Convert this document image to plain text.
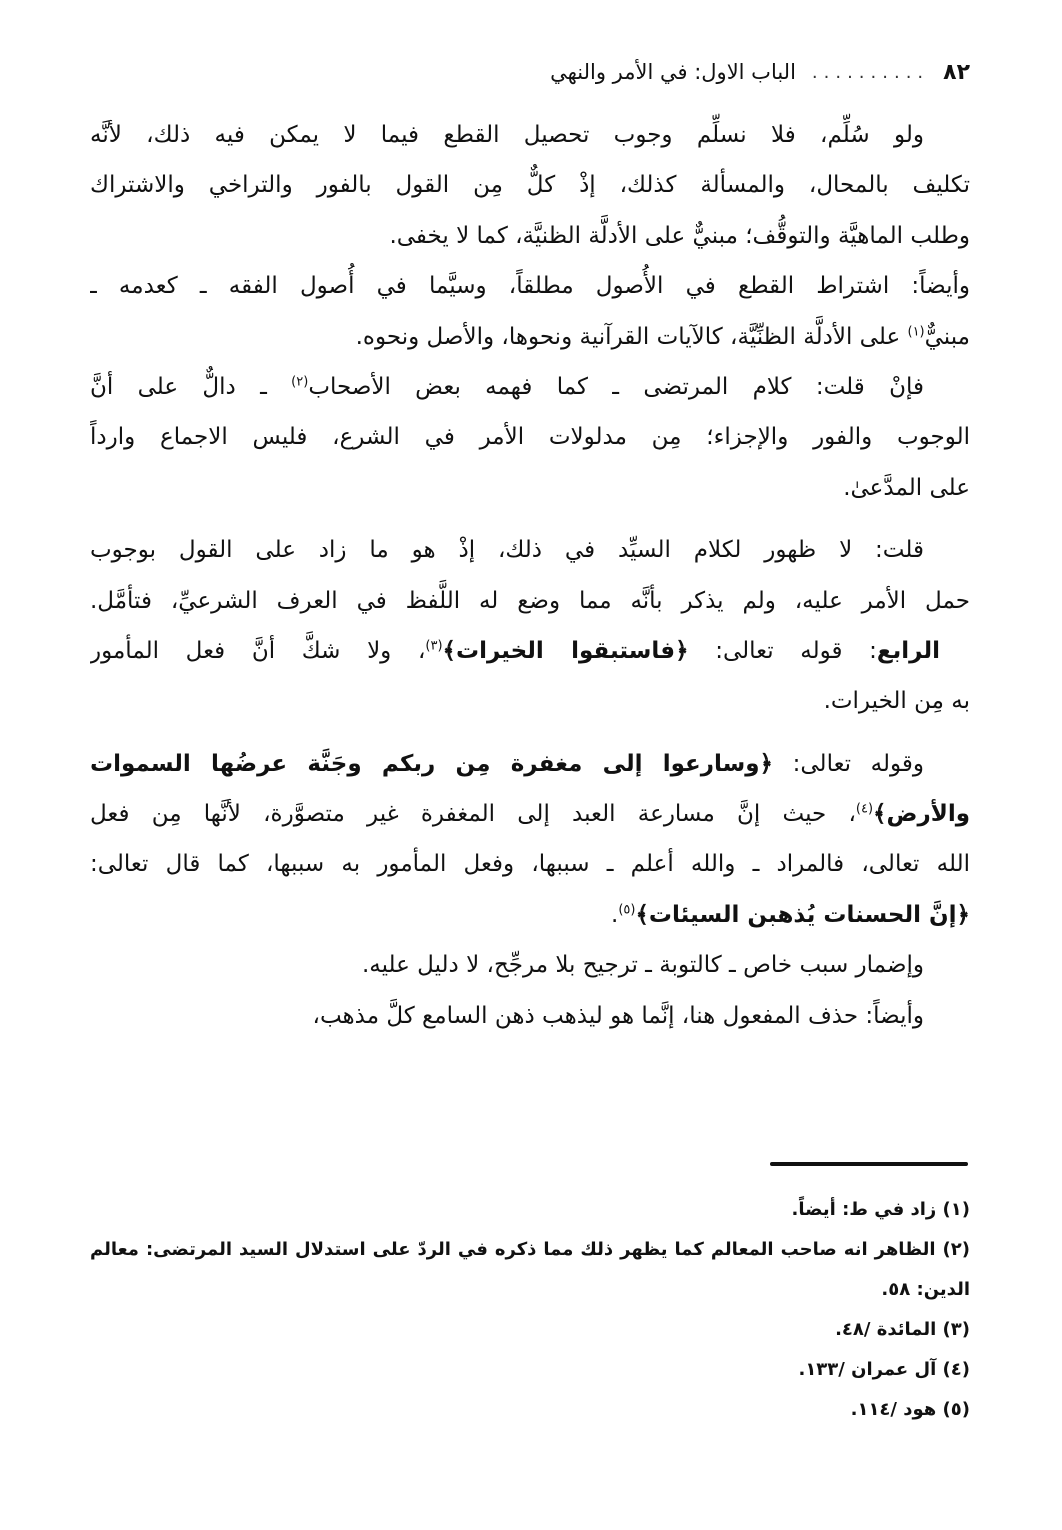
٨٢
..........
الباب الاول: في الأمر والنهي
ولو سُلِّم، فلا نسلِّم وجوب تحصيل القطع فيما لا يمكن فيه ذلك، لأنَّه
تكليف بالمحال، والمسألة كذلك، إذْ كلٌّ مِن القول بالفور والتراخي والاشتراك
وطلب الماهيَّة والتوقُّف؛ مبنيٌّ على الأدلَّة الظنيَّة، كما لا يخفى.
وأيضاً: اشتراط القطع في الأُصول مطلقاً، وسيَّما في أُصول الفقه ـ كعدمه ـ
مبنيٌّ$^{(١)}$ على الأدلَّة الظنِّيَّة، كالآيات القرآنية ونحوها، والأصل ونحوه.
فإنْ قلت: كلام المرتضى ـ كما فهمه بعض الأصحاب$^{(٢)}$ ـ دالٌّ على أنَّ
الوجوب والفور والإجزاء؛ مِن مدلولات الأمر في الشرع، فليس الاجماع وارداً
على المدَّعىٰ.
قلت: لا ظهور لكلام السيِّد في ذلك، إذْ هو ما زاد على القول بوجوب
حمل الأمر عليه، ولم يذكر بأنَّه مما وضع له اللَّفظ في العرف الشرعيِّ، فتأمَّل.
الرابع: قوله تعالى: ﴿فاستبقوا الخيرات﴾$^{(٣)}$، ولا شكَّ أنَّ فعل المأمور
به مِن الخيرات.
وقوله تعالى: ﴿وسارعوا إلى مغفرة مِن ربكم وجَنَّة عرضُها السموات
والأرض﴾$^{(٤)}$، حيث إنَّ مسارعة العبد إلى المغفرة غير متصوَّرة، لأنَّها مِن فعل
الله تعالى، فالمراد ـ والله أعلم ـ سببها، وفعل المأمور به سببها، كما قال تعالى:
﴿إنَّ الحسنات يُذهبن السيئات﴾$^{(٥)}$.
وإضمار سبب خاص ـ كالتوبة ـ ترجيح بلا مرجِّح، لا دليل عليه.
وأيضاً: حذف المفعول هنا، إنَّما هو ليذهب ذهن السامع كلَّ مذهب،
(١) زاد في ط: أيضاً.
(٢) الظاهر انه صاحب المعالم كما يظهر ذلك مما ذكره في الردّ على استدلال السيد المرتضى: معالم
الدين: ٥٨.
(٣) المائدة /٤٨.
(٤) آل عمران /١٣٣.
(٥) هود /١١٤.
